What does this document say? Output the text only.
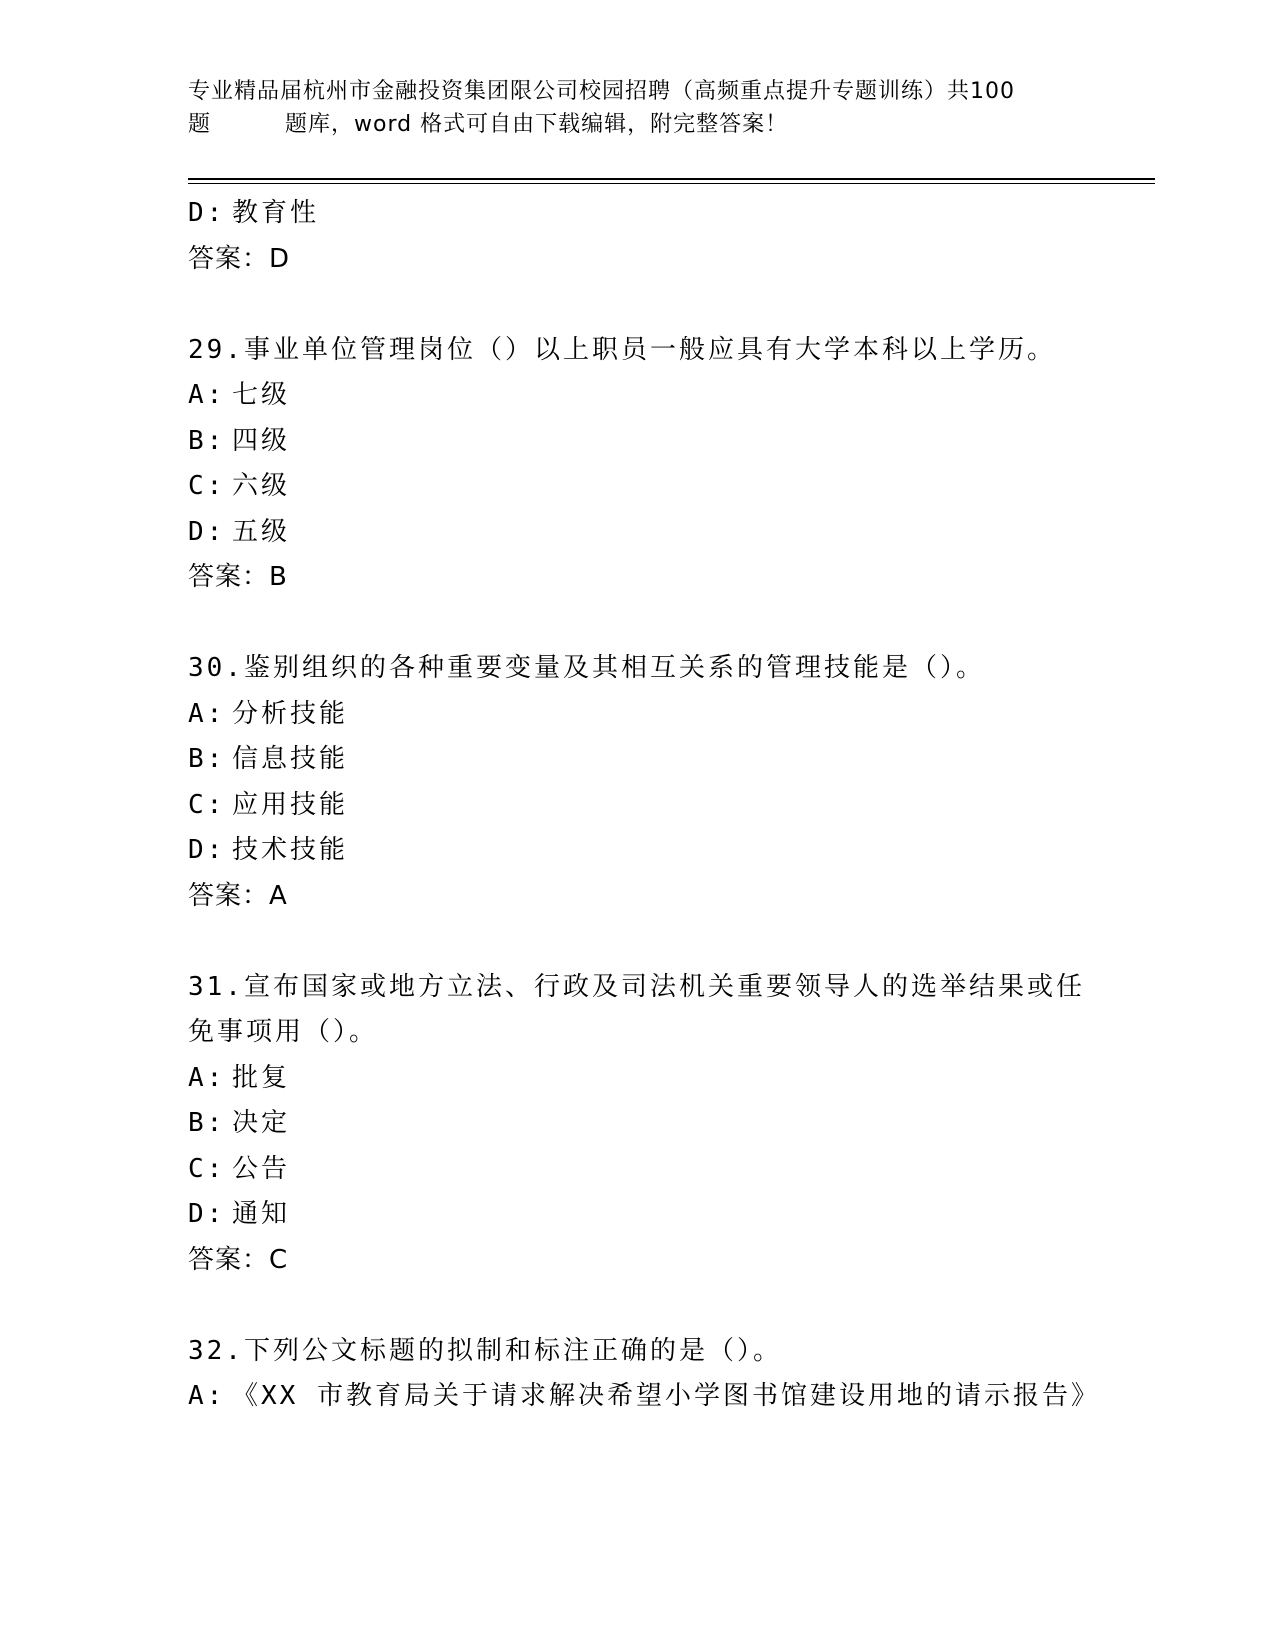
专业精品届杭州市金融投资集团限公司校园招聘（高频重点提升专题训练）共100
题	题库，word 格式可自由下载编辑，附完整答案！
D: 教育性
答案：D
29.事业单位管理岗位（）以上职员一般应具有大学本科以上学历。
A: 七级
B: 四级
C: 六级
D: 五级
答案：B
30.鉴别组织的各种重要变量及其相互关系的管理技能是（）。
A: 分析技能
B: 信息技能
C: 应用技能
D: 技术技能
答案：A
31.宣布国家或地方立法、行政及司法机关重要领导人的选举结果或任
免事项用（）。
A: 批复
B: 决定
C: 公告
D: 通知
答案：C
32.下列公文标题的拟制和标注正确的是（）。
A: 《XX 市教育局关于请求解决希望小学图书馆建设用地的请示报告》
